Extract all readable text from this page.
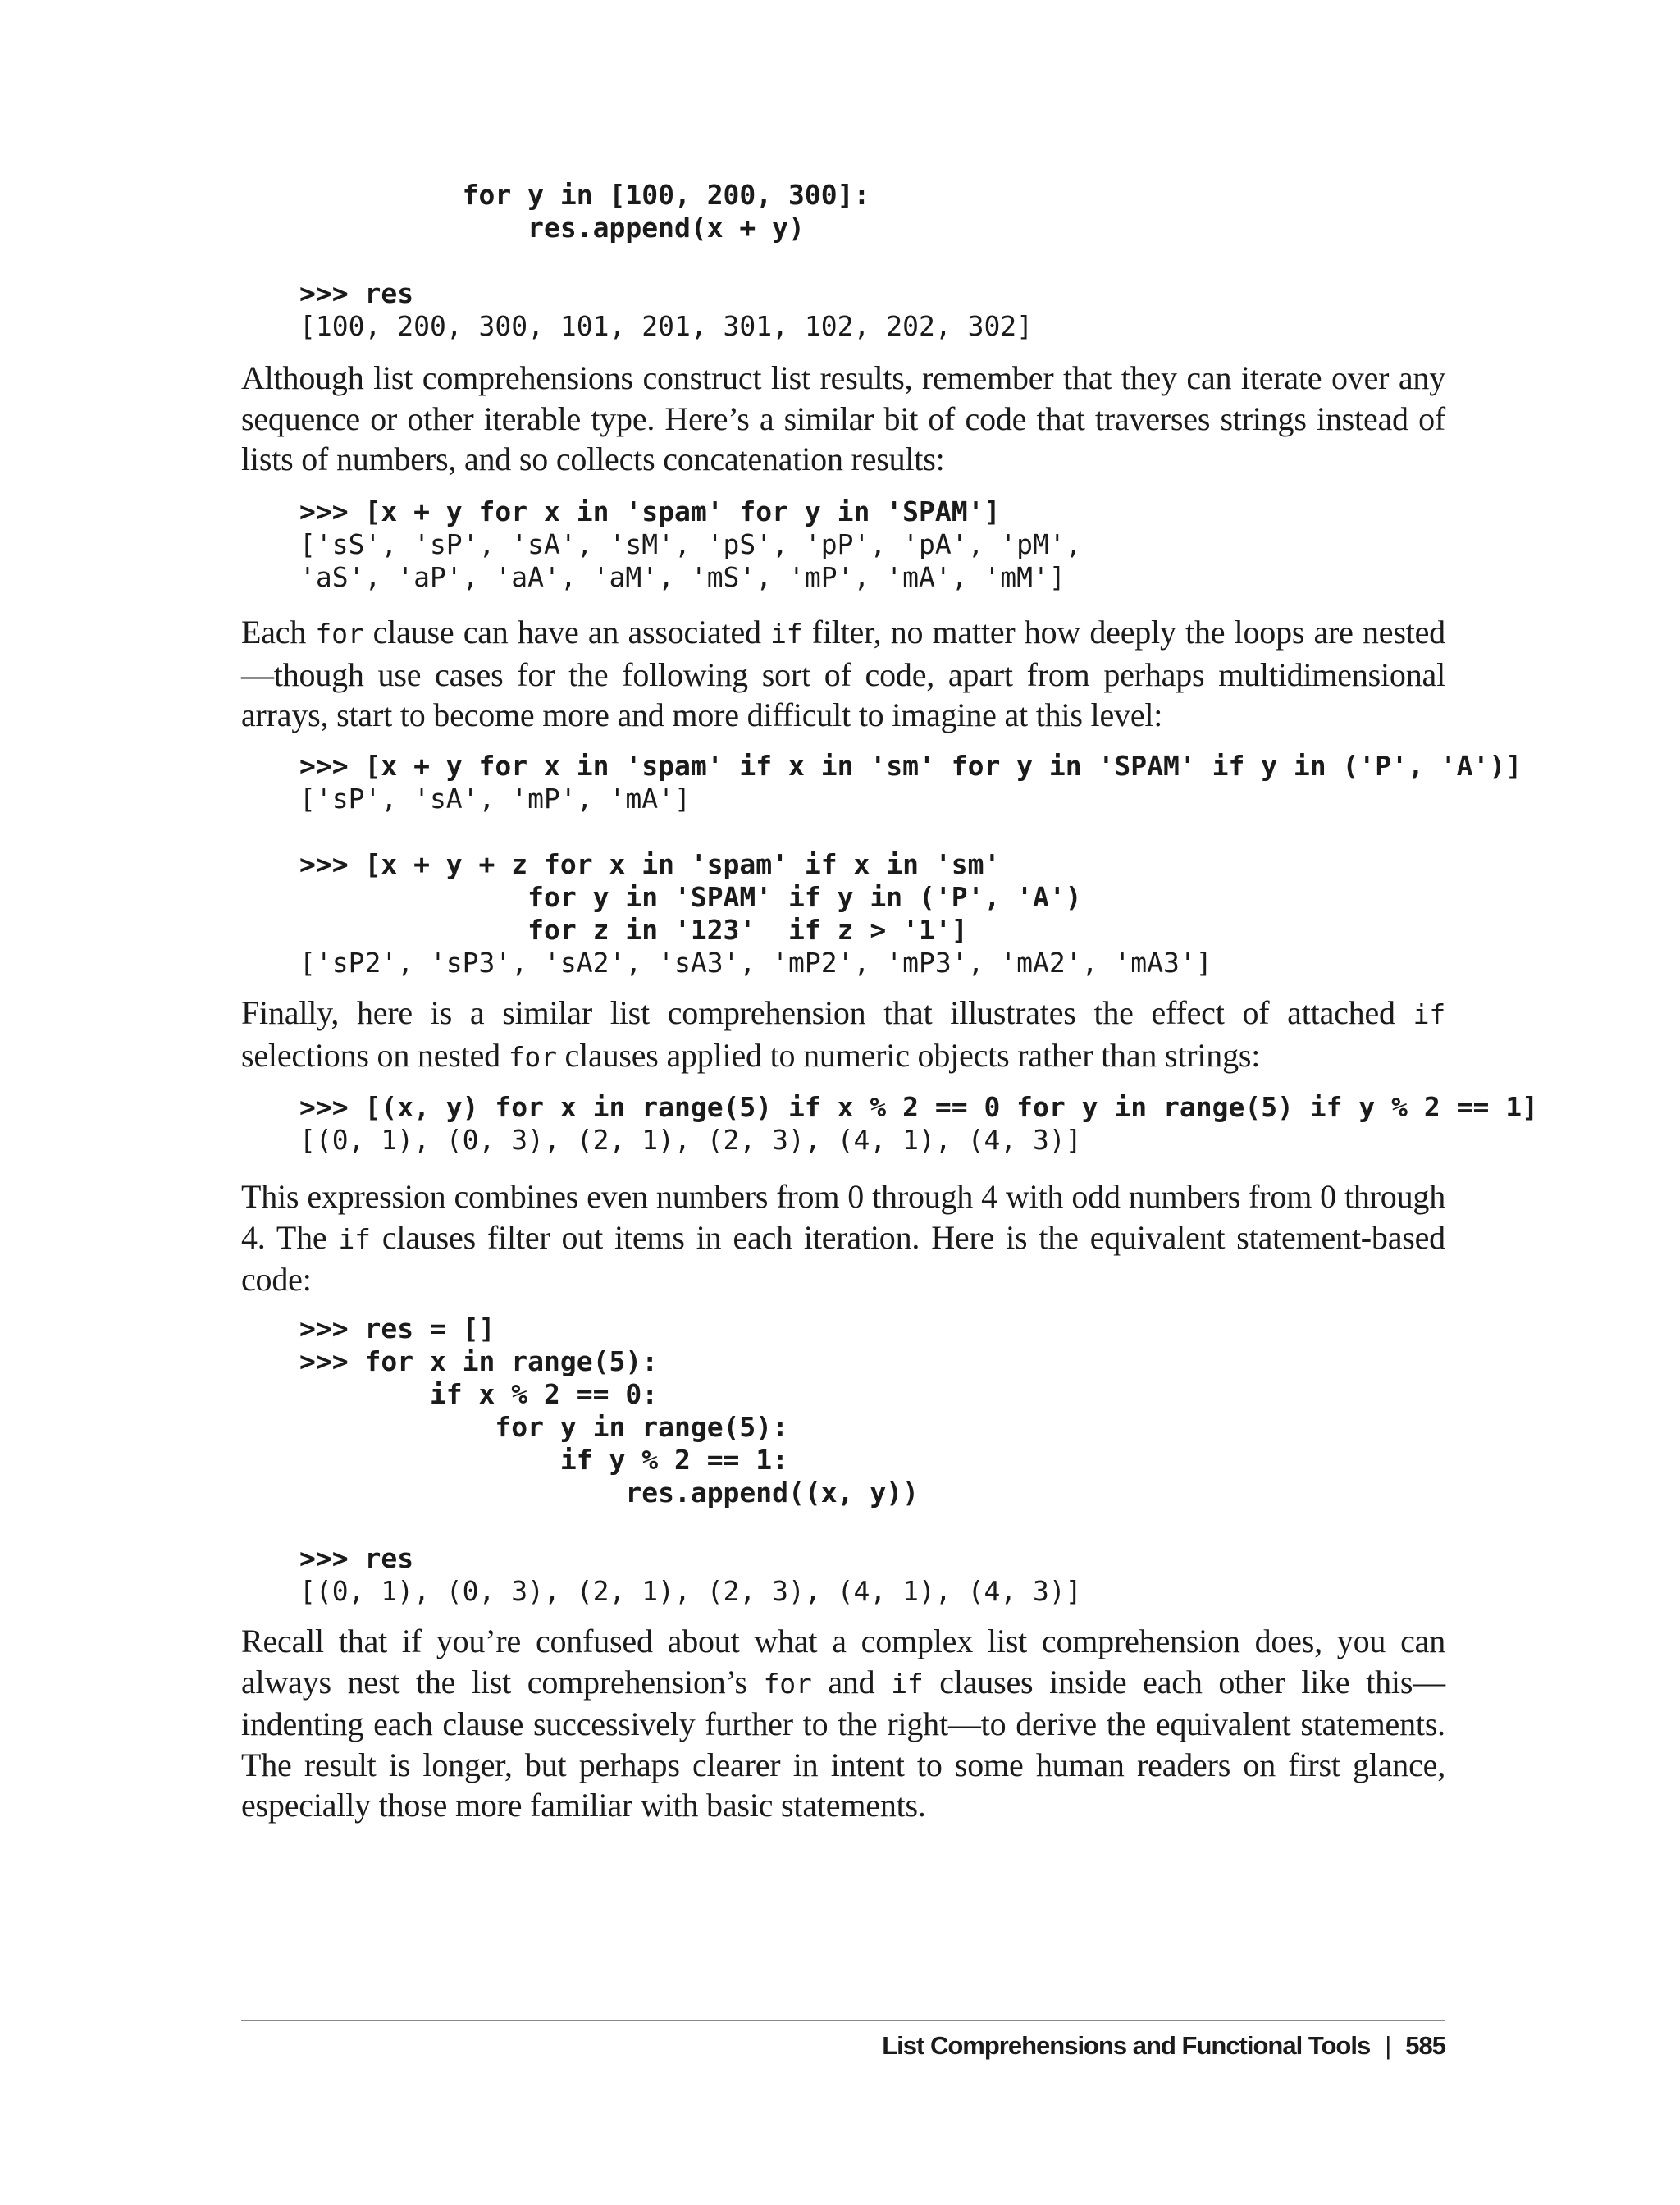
for y in [100, 200, 300]:
res.append(x + y)

>>> res
[100, 200, 300, 101, 201, 301, 102, 202, 302]

Although list comprehensions construct list results, remember that they can iterate over any sequence or other iterable type. Here’s a similar bit of code that traverses strings instead of lists of numbers, and so collects concatenation results:

>>> [x + y for x in 'spam' for y in 'SPAM']
['sS', 'sP', 'sA', 'sM', 'pS', 'pP', 'pA', 'pM',
'aS', 'aP', 'aA', 'aM', 'mS', 'mP', 'mA', 'mM']

Each for clause can have an associated if filter, no matter how deeply the loops are nested—though use cases for the following sort of code, apart from perhaps multidimensional arrays, start to become more and more difficult to imagine at this level:

>>> [x + y for x in 'spam' if x in 'sm' for y in 'SPAM' if y in ('P', 'A')]
['sP', 'sA', 'mP', 'mA']

>>> [x + y + z for x in 'spam' if x in 'sm'
for y in 'SPAM' if y in ('P', 'A')
for z in '123'  if z > '1']
['sP2', 'sP3', 'sA2', 'sA3', 'mP2', 'mP3', 'mA2', 'mA3']

Finally, here is a similar list comprehension that illustrates the effect of attached if selections on nested for clauses applied to numeric objects rather than strings:

>>> [(x, y) for x in range(5) if x % 2 == 0 for y in range(5) if y % 2 == 1]
[(0, 1), (0, 3), (2, 1), (2, 3), (4, 1), (4, 3)]

This expression combines even numbers from 0 through 4 with odd numbers from 0 through 4. The if clauses filter out items in each iteration. Here is the equivalent statement-based code:

>>> res = []
>>> for x in range(5):
if x % 2 == 0:
for y in range(5):
if y % 2 == 1:
res.append((x, y))

>>> res
[(0, 1), (0, 3), (2, 1), (2, 3), (4, 1), (4, 3)]

Recall that if you’re confused about what a complex list comprehension does, you can always nest the list comprehension’s for and if clauses inside each other like this—indenting each clause successively further to the right—to derive the equivalent statements. The result is longer, but perhaps clearer in intent to some human readers on first glance, especially those more familiar with basic statements.

List Comprehensions and Functional Tools | 585
